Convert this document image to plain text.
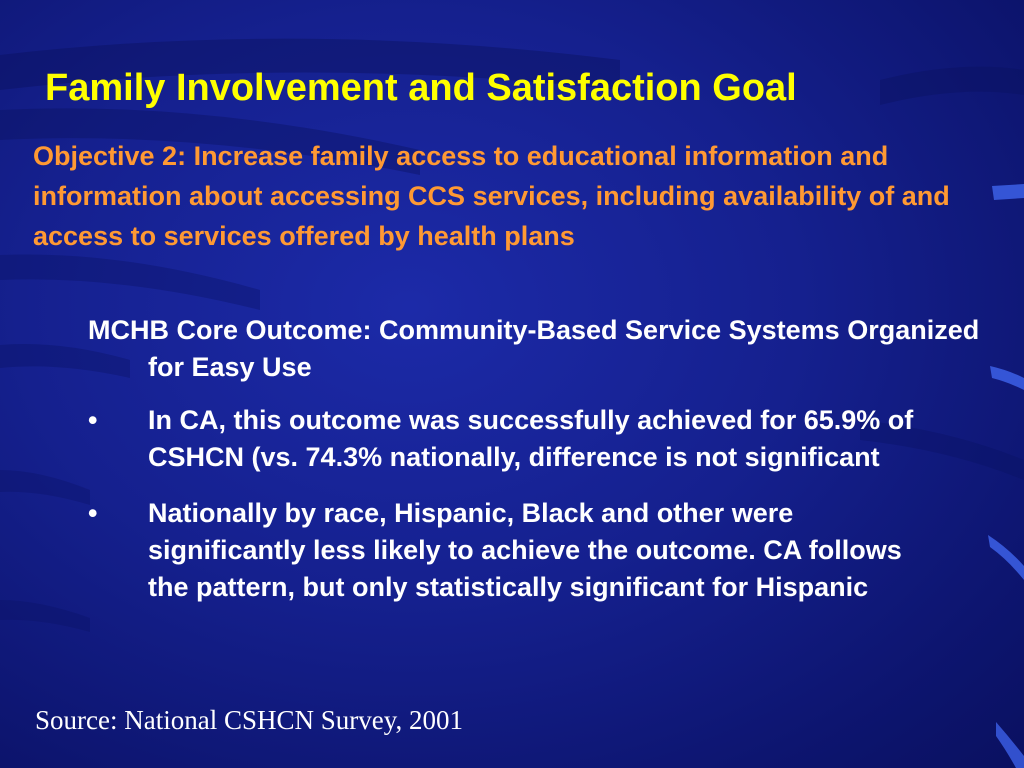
Family Involvement and Satisfaction Goal

Objective 2: Increase family access to educational information and information about accessing CCS services, including availability of and access to services offered by health plans

MCHB Core Outcome: Community-Based Service Systems Organized for Easy Use

• In CA, this outcome was successfully achieved for 65.9% of CSHCN (vs. 74.3% nationally, difference is not significant
• Nationally by race, Hispanic, Black and other were significantly less likely to achieve the outcome. CA follows the pattern, but only statistically significant for Hispanic

Source: National CSHCN Survey, 2001
